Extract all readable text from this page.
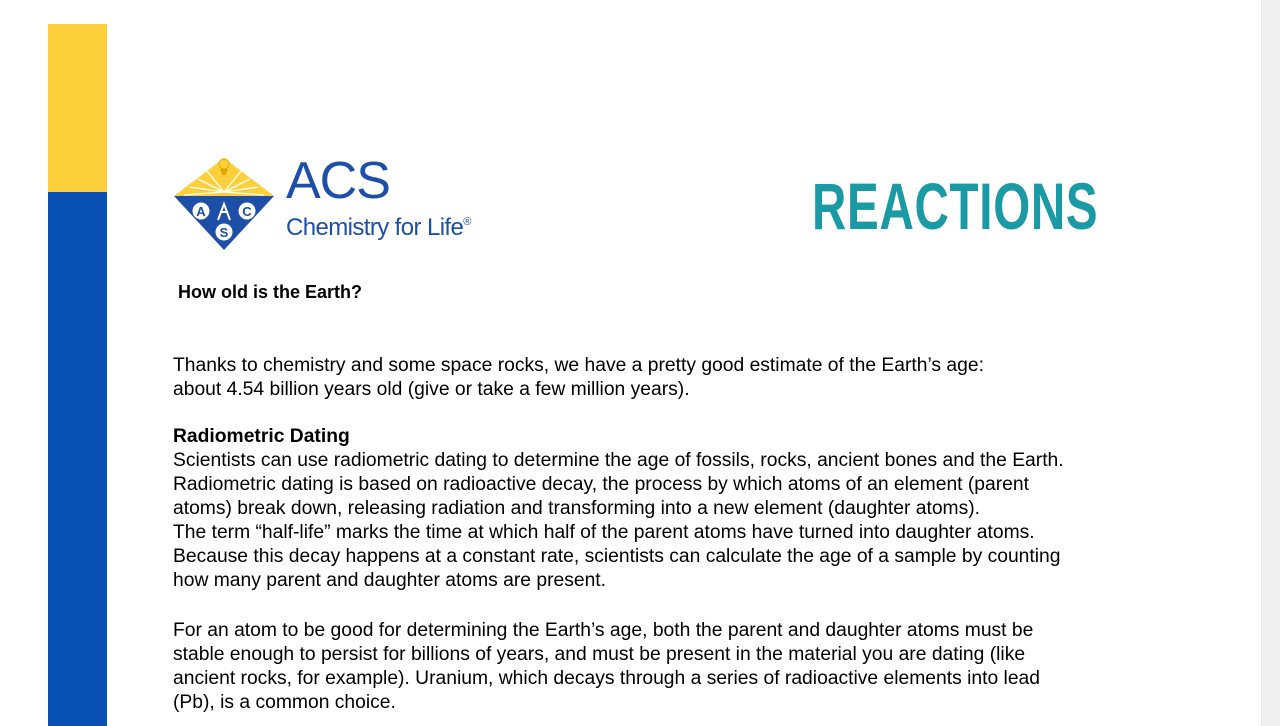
A	C
S
ACS
Chemistry for Life®	REACTIONS
How old is the Earth?

Thanks to chemistry and some space rocks, we have a pretty good estimate of the Earth’s age:
about 4.54 billion years old (give or take a few million years).

Radiometric Dating

Scientists can use radiometric dating to determine the age of fossils, rocks, ancient bones and the Earth.
Radiometric dating is based on radioactive decay, the process by which atoms of an element (parent
atoms) break down, releasing radiation and transforming into a new element (daughter atoms).

The term “half-life” marks the time at which half of the parent atoms have turned into daughter atoms.
Because this decay happens at a constant rate, scientists can calculate the age of a sample by counting
how many parent and daughter atoms are present.

For an atom to be good for determining the Earth’s age, both the parent and daughter atoms must be
stable enough to persist for billions of years, and must be present in the material you are dating (like
ancient rocks, for example). Uranium, which decays through a series of radioactive elements into lead
(Pb), is a common choice.
